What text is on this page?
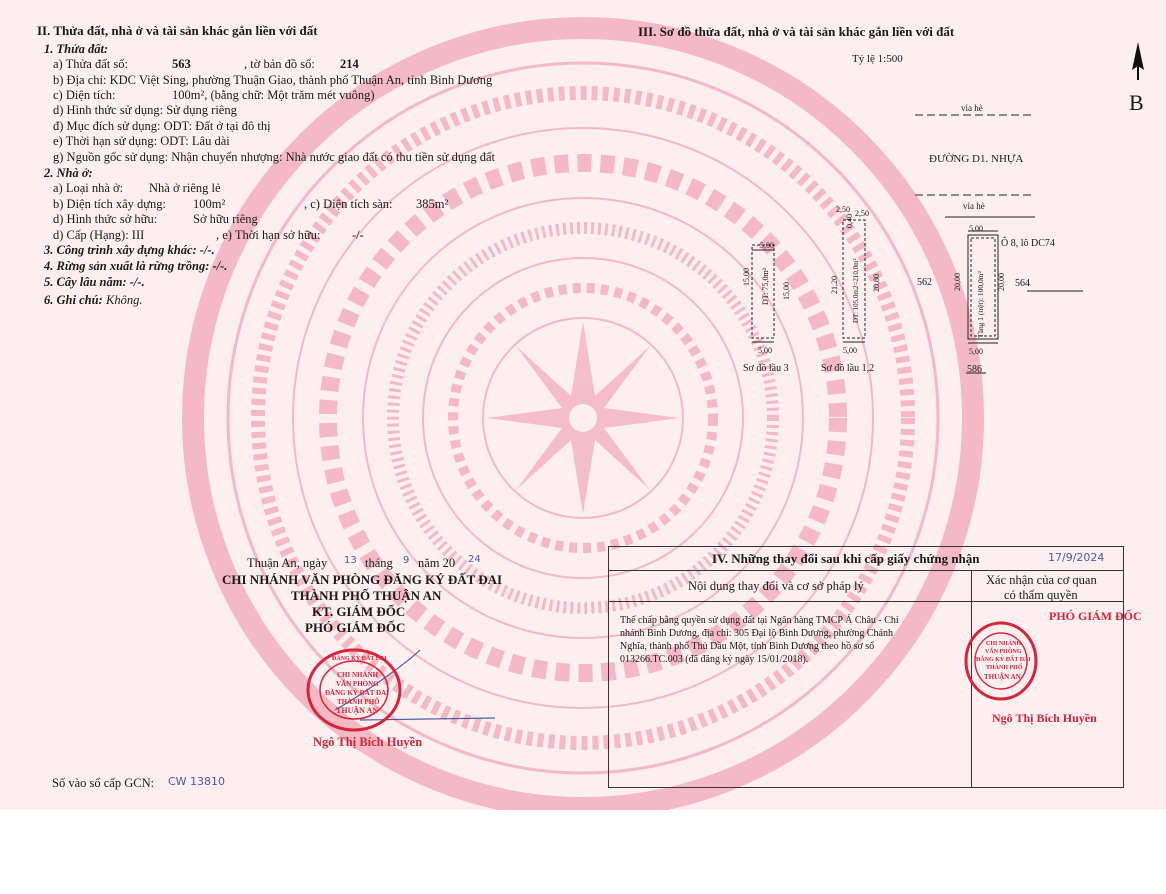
II. Thửa đất, nhà ở và tài sản khác gắn liền với đất
1. Thửa đất:
a) Thửa đất số:	563	, tờ bản đồ số: 214
b) Địa chỉ: KDC Việt Sing, phường Thuận Giao, thành phố Thuận An, tỉnh Bình Dương
c) Diện tích:	100m², (bằng chữ: Một trăm mét vuông)
d) Hình thức sử dụng: Sử dụng riêng
đ) Mục đích sử dụng: ODT: Đất ở tại đô thị
e) Thời hạn sử dụng: ODT: Lâu dài
g) Nguồn gốc sử dụng: Nhận chuyển nhượng: Nhà nước giao đất có thu tiền sử dụng đất
2. Nhà ở:
a) Loại nhà ở: Nhà ở riêng lẻ
b) Diện tích xây dựng: 100m²	, c) Diện tích sàn: 385m²
d) Hình thức sở hữu:	Sở hữu riêng
d) Cấp (Hạng): III	, e) Thời hạn sở hữu:	-/-
3. Công trình xây dựng khác: -/-.
4. Rừng sản xuất là rừng trồng: -/-.
5. Cây lâu năm: -/-.
6. Ghi chú: Không.
Thuận An, ngày 13 tháng 9 năm 20 24
CHI NHÁNH VĂN PHÒNG ĐĂNG KÝ ĐẤT ĐAI
THÀNH PHỐ THUẬN AN
KT. GIÁM ĐỐC
PHÓ GIÁM ĐỐC
ĐĂNG KÝ ĐẤT ĐAI
CHI NHÁNH
VĂN PHÒNG
ĐĂNG KÝ ĐẤT ĐAI
THÀNH PHỐ
THUẬN AN
Ngô Thị Bích Huyền
Số vào sổ cấp GCN: CW 13810
III. Sơ đồ thửa đất, nhà ở và tài sản khác gắn liền với đất
Tỷ lệ 1:500
B
vỉa hè
ĐƯỜNG D1. NHỰA
vỉa hè
5,00
15,00
15,00
DT: 75,0m²
5,00
Sơ đồ lầu 3
2,50 2,50
0,40
21,20	20,80
DT: 105,0m2=210,0m²
5,00
Sơ đồ lầu 1,2
5,00
Ô 8, lô DC74
20,00	20,00
Tầng 1 (trệt): 100,0m²
5,00
562	564
586
IV. Những thay đổi sau khi cấp giấy chứng nhận	17/9/2024
Nội dung thay đổi và cơ sở pháp lý	Xác nhận của cơ quan
có thẩm quyền
Thế chấp bằng quyền sử dụng đất tại Ngân hàng TMCP Á Châu - Chi
nhánh Bình Dương, địa chỉ: 305 Đại lộ Bình Dương, phường Chánh
Nghĩa, thành phố Thủ Dầu Một, tỉnh Bình Dương theo hồ sơ số
013266.TC.003 (đã đăng ký ngày 15/01/2018).
PHÓ GIÁM ĐỐC
CHI NHÁNH
VĂN PHÒNG
ĐĂNG KÝ ĐẤT ĐAI
THÀNH PHỐ
THUẬN AN
Ngô Thị Bích Huyền
